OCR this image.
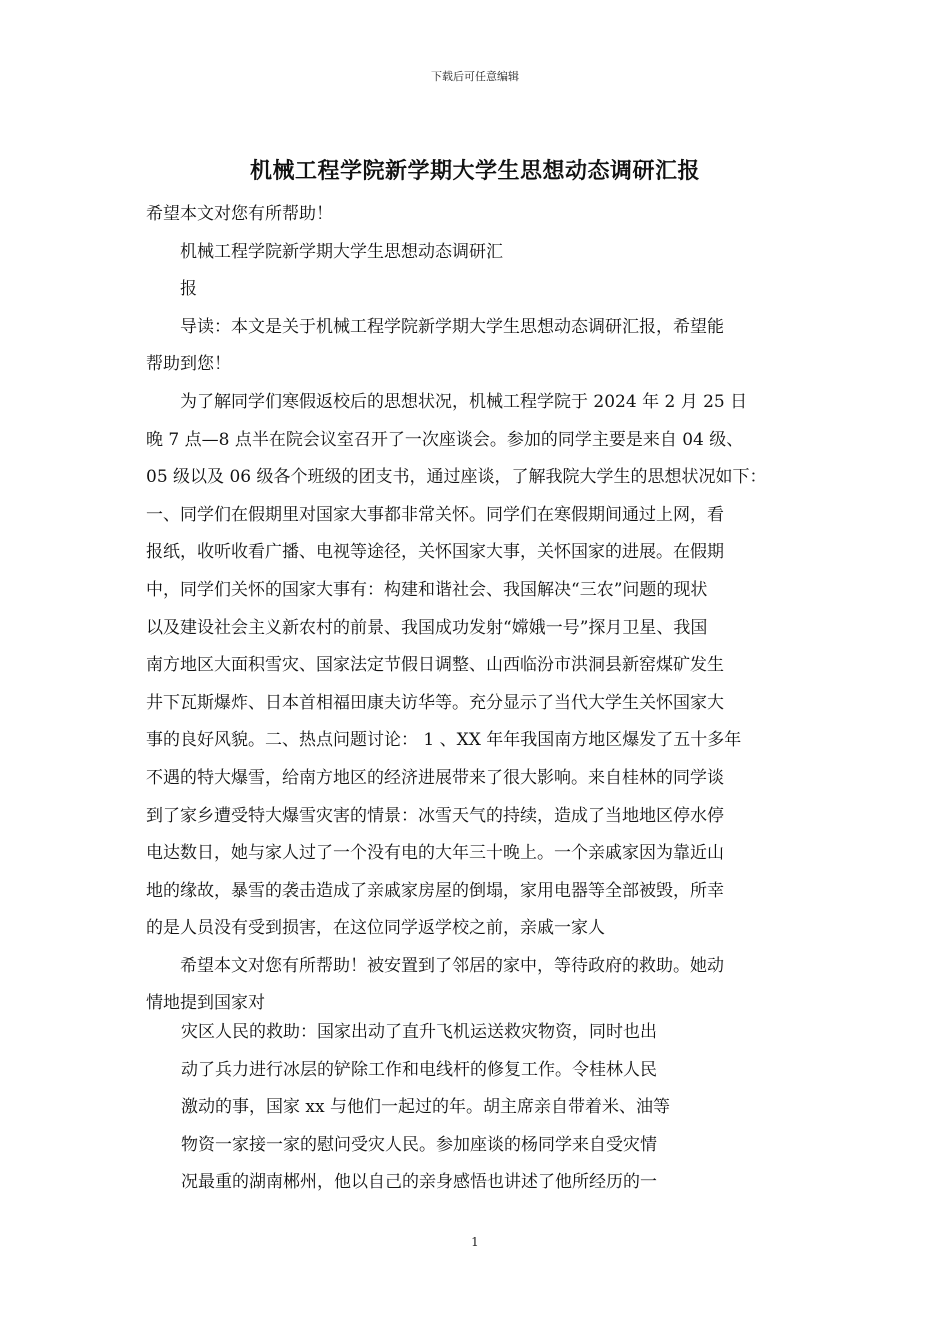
下载后可任意编辑
机械工程学院新学期大学生思想动态调研汇报
希望本文对您有所帮助！
　　机械工程学院新学期大学生思想动态调研汇
　　报
　　导读：本文是关于机械工程学院新学期大学生思想动态调研汇报，希望能
帮助到您！
　　为了解同学们寒假返校后的思想状况，机械工程学院于 2024 年 2 月 25 日
晚 7 点—8 点半在院会议室召开了一次座谈会。参加的同学主要是来自 04 级、
05 级以及 06 级各个班级的团支书，通过座谈，了解我院大学生的思想状况如下：
一、同学们在假期里对国家大事都非常关怀。同学们在寒假期间通过上网，看
报纸，收听收看广播、电视等途径，关怀国家大事，关怀国家的进展。在假期
中，同学们关怀的国家大事有：构建和谐社会、我国解决“三农”问题的现状
以及建设社会主义新农村的前景、我国成功发射“嫦娥一号”探月卫星、我国
南方地区大面积雪灾、国家法定节假日调整、山西临汾市洪洞县新窑煤矿发生
井下瓦斯爆炸、日本首相福田康夫访华等。充分显示了当代大学生关怀国家大
事的良好风貌。二、热点问题讨论： 1 、XX 年年我国南方地区爆发了五十多年
不遇的特大爆雪，给南方地区的经济进展带来了很大影响。来自桂林的同学谈
到了家乡遭受特大爆雪灾害的情景：冰雪天气的持续，造成了当地地区停水停
电达数日，她与家人过了一个没有电的大年三十晚上。一个亲戚家因为靠近山
地的缘故，暴雪的袭击造成了亲戚家房屋的倒塌，家用电器等全部被毁，所幸
的是人员没有受到损害，在这位同学返学校之前，亲戚一家人
　　希望本文对您有所帮助！被安置到了邻居的家中，等待政府的救助。她动
情地提到国家对
灾区人民的救助：国家出动了直升飞机运送救灾物资，同时也出
动了兵力进行冰层的铲除工作和电线杆的修复工作。令桂林人民
激动的事，国家 xx 与他们一起过的年。胡主席亲自带着米、油等
物资一家接一家的慰问受灾人民。参加座谈的杨同学来自受灾情
况最重的湖南郴州，他以自己的亲身感悟也讲述了他所经历的一
1
